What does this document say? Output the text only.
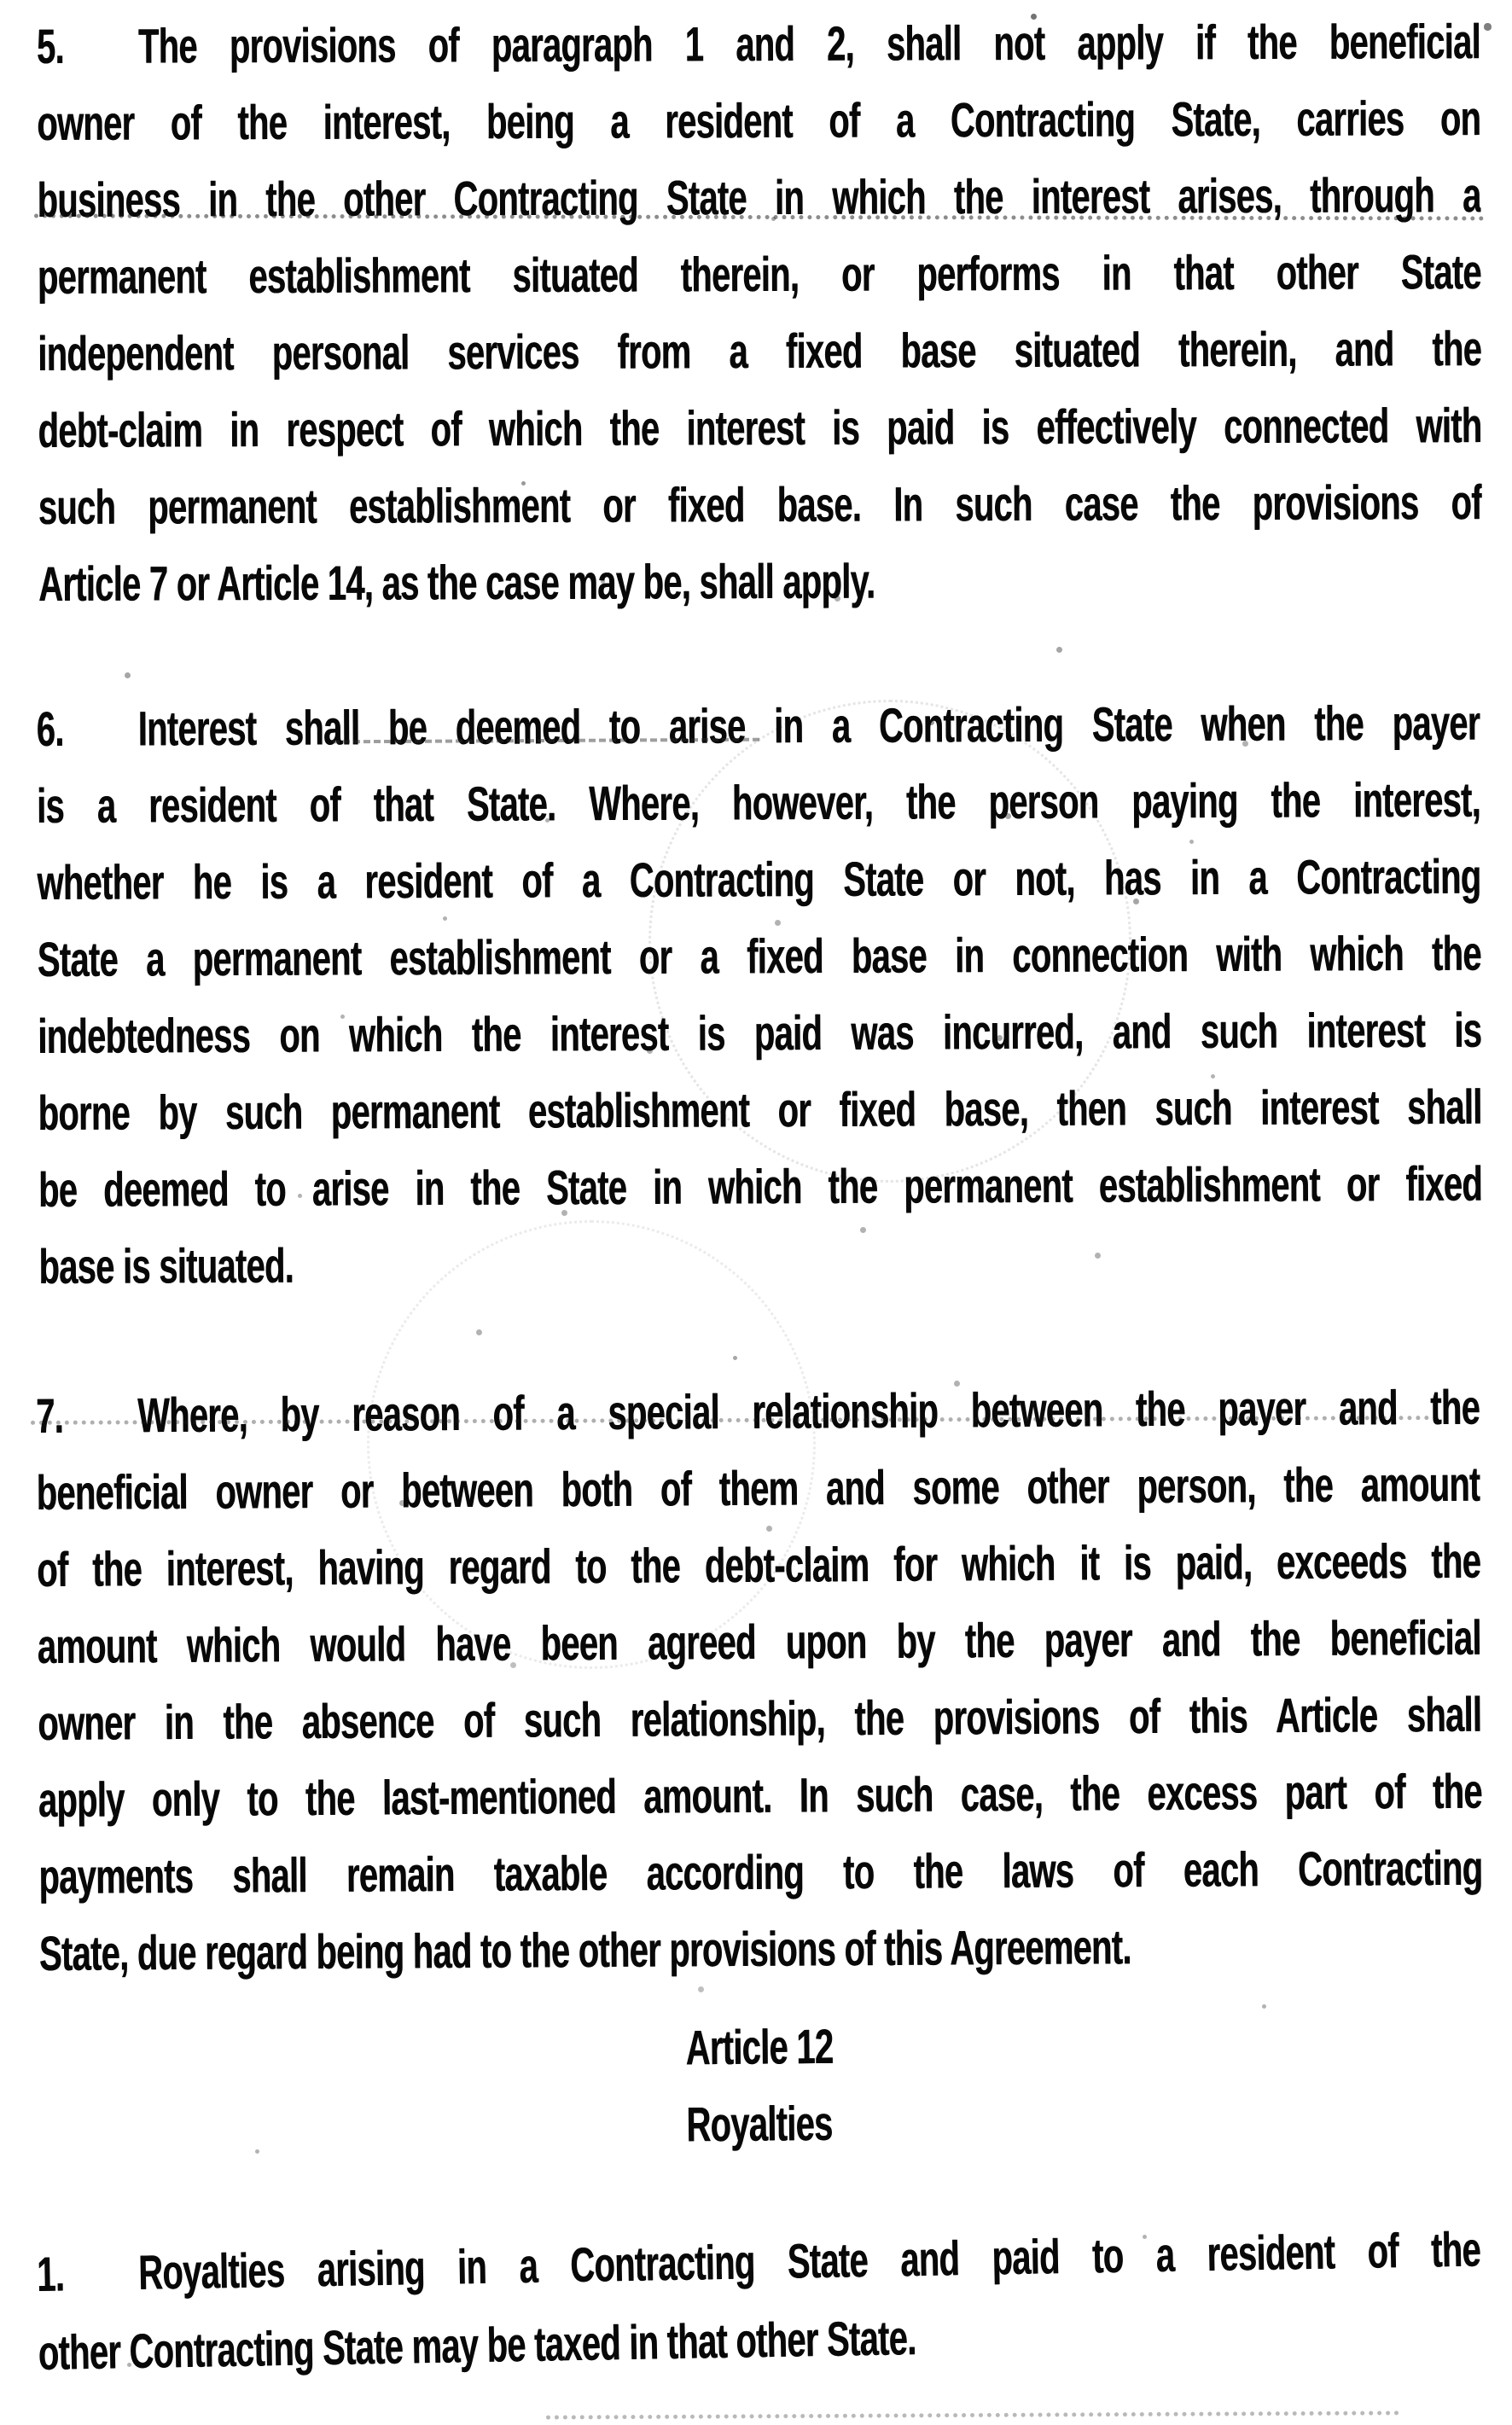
5. The provisions of paragraph 1 and 2, shall not apply if the beneficial
owner of the interest, being a resident of a Contracting State, carries on
business in the other Contracting State in which the interest arises, through a
permanent establishment situated therein, or performs in that other State
independent personal services from a fixed base situated therein, and the
debt-claim in respect of which the interest is paid is effectively connected with
such permanent establishment or fixed base. In such case the provisions of
Article 7 or Article 14, as the case may be, shall apply.
6. Interest shall be deemed to arise in a Contracting State when the payer
is a resident of that State. Where, however, the person paying the interest,
whether he is a resident of a Contracting State or not, has in a Contracting
State a permanent establishment or a fixed base in connection with which the
indebtedness on which the interest is paid was incurred, and such interest is
borne by such permanent establishment or fixed base, then such interest shall
be deemed to arise in the State in which the permanent establishment or fixed
base is situated.
7. Where, by reason of a special relationship between the payer and the
beneficial owner or between both of them and some other person, the amount
of the interest, having regard to the debt-claim for which it is paid, exceeds the
amount which would have been agreed upon by the payer and the beneficial
owner in the absence of such relationship, the provisions of this Article shall
apply only to the last-mentioned amount. In such case, the excess part of the
payments shall remain taxable according to the laws of each Contracting
State, due regard being had to the other provisions of this Agreement.
Article 12
Royalties
1. Royalties arising in a Contracting State and paid to a resident of the
other Contracting State may be taxed in that other State.
